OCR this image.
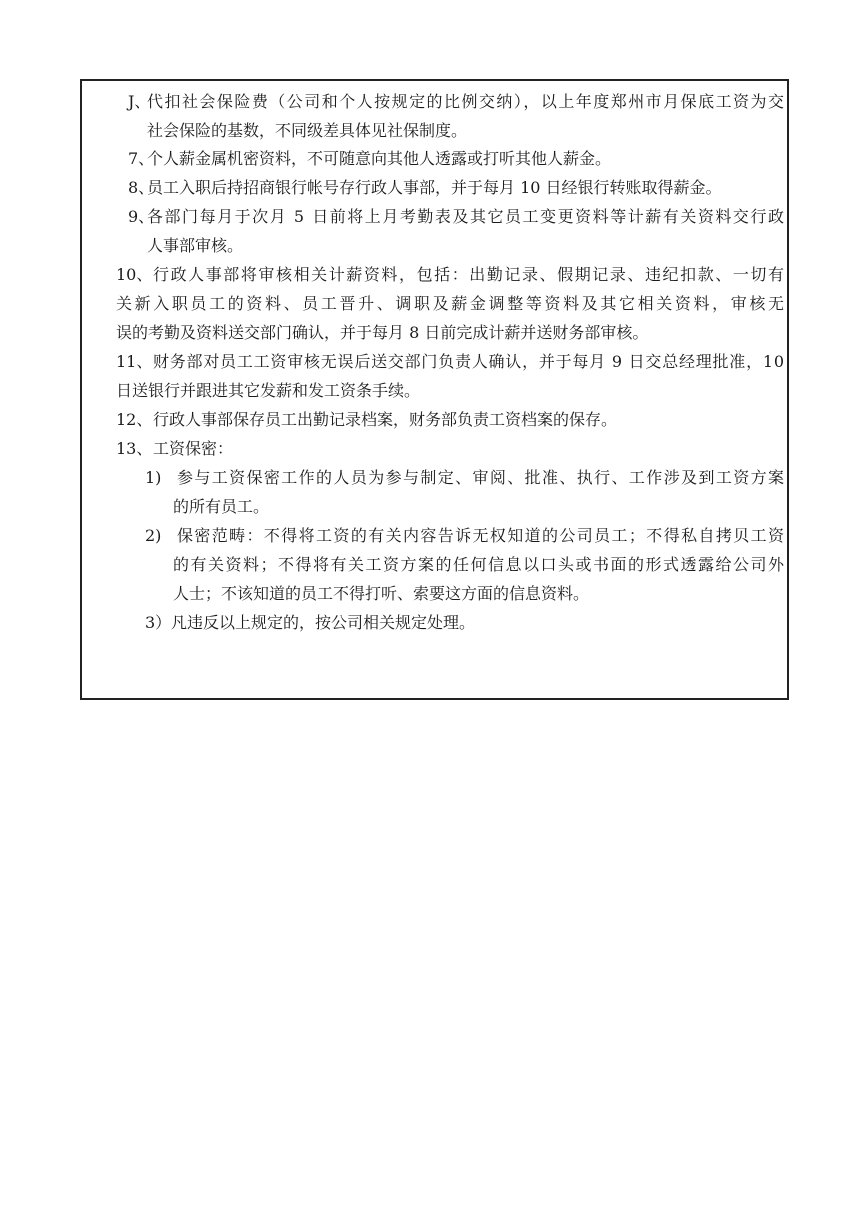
J、
代扣社会保险费（公司和个人按规定的比例交纳），以上年度郑州市月保底工资为交
社会保险的基数，不同级差具体见社保制度。
7、
个人薪金属机密资料，不可随意向其他人透露或打听其他人薪金。
8、
员工入职后持招商银行帐号存行政人事部，并于每月 10 日经银行转账取得薪金。
9、
各部门每月于次月 5 日前将上月考勤表及其它员工变更资料等计薪有关资料交行政
人事部审核。
10、 行政人事部将审核相关计薪资料，包括：出勤记录、假期记录、违纪扣款、一切有
关新入职员工的资料、员工晋升、调职及薪金调整等资料及其它相关资料，审核无
误的考勤及资料送交部门确认，并于每月 8 日前完成计薪并送财务部审核。
11、 财务部对员工工资审核无误后送交部门负责人确认，并于每月 9 日交总经理批准，10
日送银行并跟进其它发薪和发工资条手续。
12、 行政人事部保存员工出勤记录档案，财务部负责工资档案的保存。
13、 工资保密：
1) 参与工资保密工作的人员为参与制定、审阅、批准、执行、工作涉及到工资方案
的所有员工。
2) 保密范畴：不得将工资的有关内容告诉无权知道的公司员工；不得私自拷贝工资
的有关资料；不得将有关工资方案的任何信息以口头或书面的形式透露给公司外
人士；不该知道的员工不得打听、索要这方面的信息资料。
3） 凡违反以上规定的，按公司相关规定处理。
